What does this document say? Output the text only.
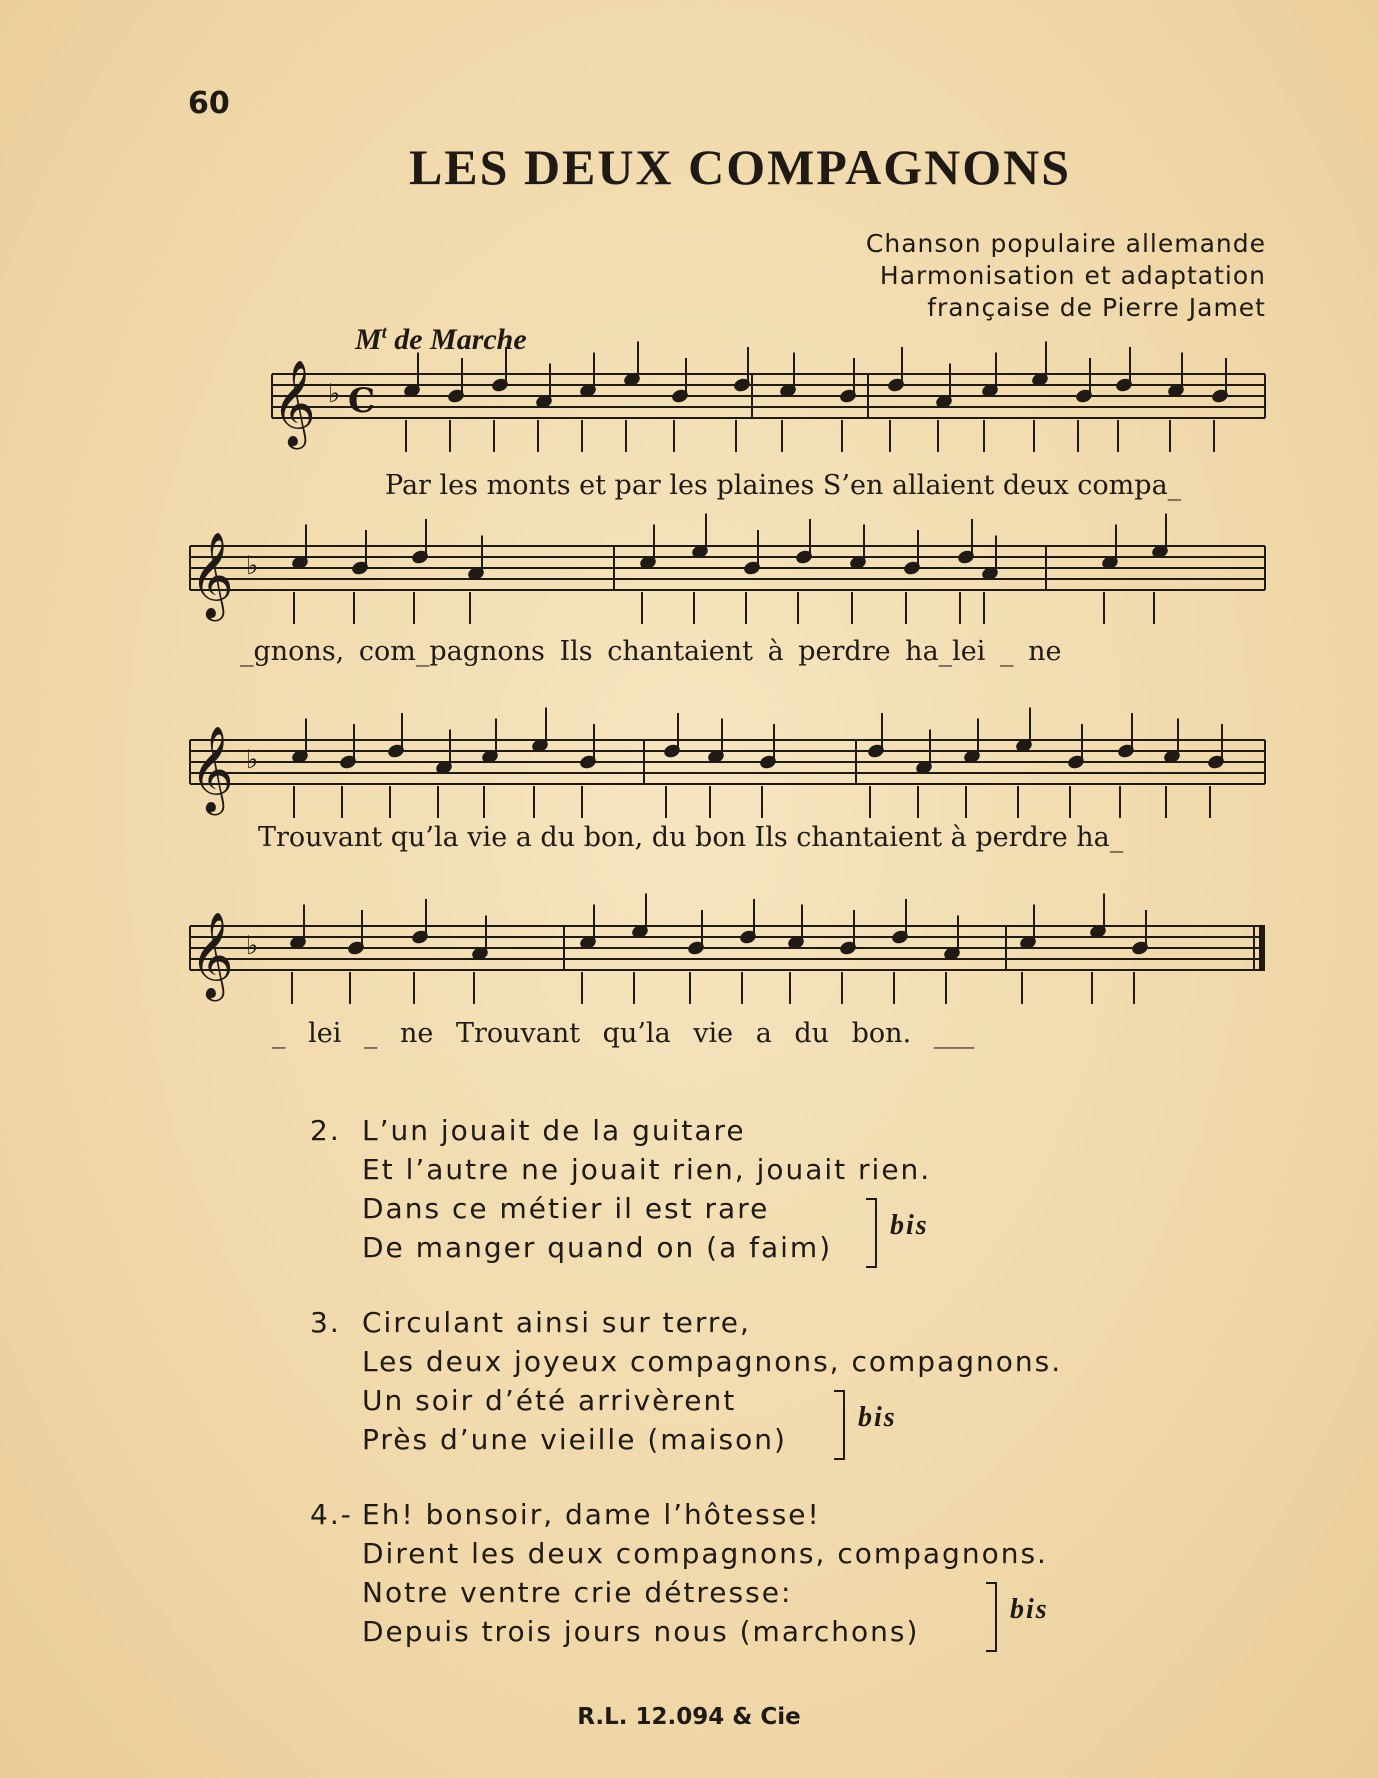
60
LES DEUX COMPAGNONS
Chanson populaire allemande
Harmonisation et adaptation
française de Pierre Jamet
$M^t$ de Marche
𝄞 ♭ C
𝄞 ♭
𝄞 ♭
𝄞 ♭
Par les monts et par les plaines S’en allaient deux compa_
_gnons, com_pagnons Ils chantaient à perdre ha_lei _ ne
Trouvant qu’la vie a du bon, du bon Ils chantaient à perdre ha_
_ lei _ ne Trouvant qu’la vie a du bon. ___
2. L’un jouait de la guitare
Et l’autre ne jouait rien, jouait rien.
Dans ce métier il est rare
De manger quand on (a faim)
bis
3. Circulant ainsi sur terre,
Les deux joyeux compagnons, compagnons.
Un soir d’été arrivèrent
Près d’une vieille (maison)
bis
4.- Eh! bonsoir, dame l’hôtesse!
Dirent les deux compagnons, compagnons.
Notre ventre crie détresse:
Depuis trois jours nous (marchons)
bis
R.L. 12.094 & Cie
